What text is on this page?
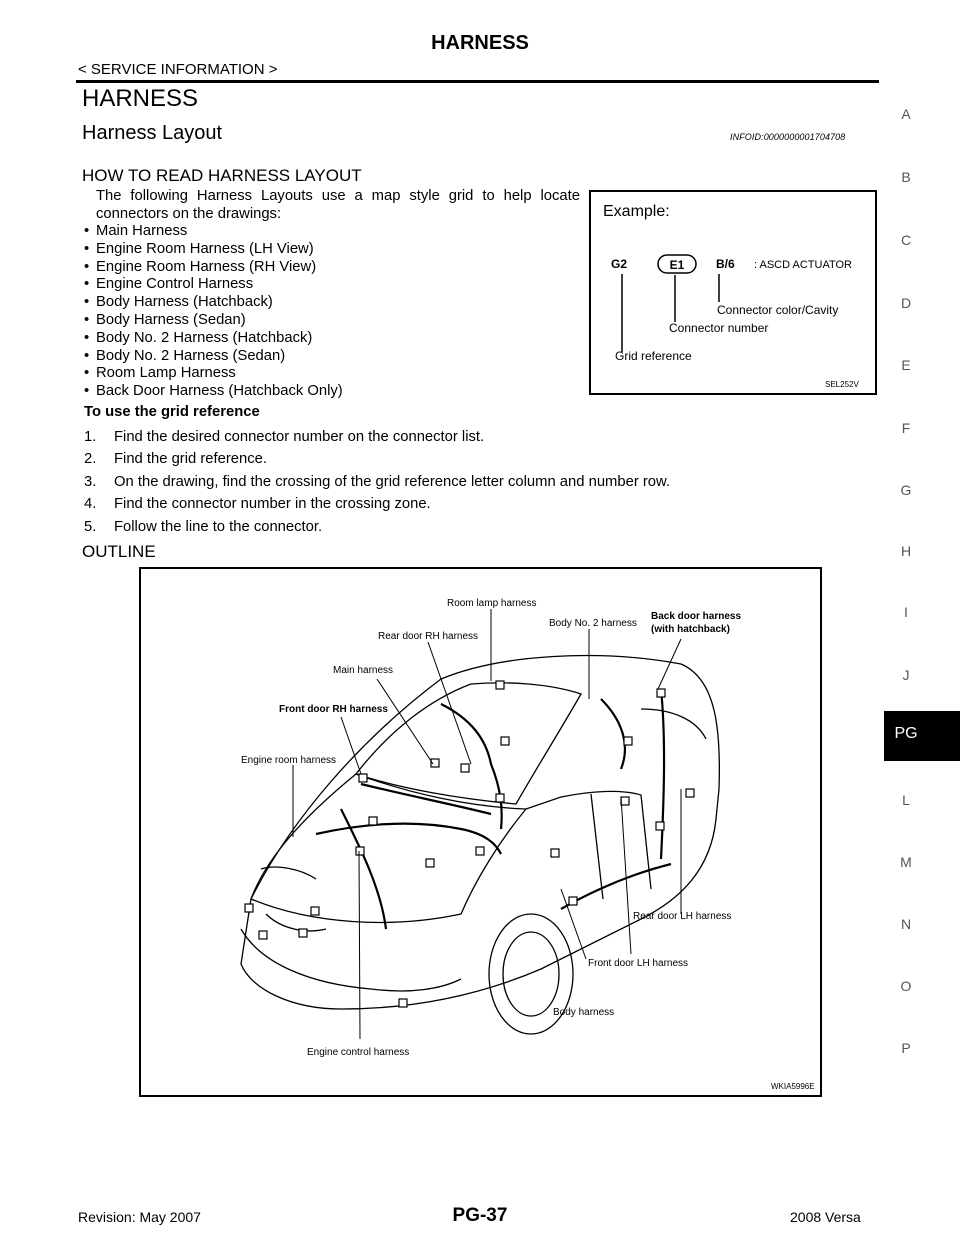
HARNESS
< SERVICE INFORMATION >
HARNESS
Harness Layout	INFOID:0000000001704708
HOW TO READ HARNESS LAYOUT
The following Harness Layouts use a map style grid to help locate connectors on the drawings:
• Main Harness
• Engine Room Harness (LH View)
• Engine Room Harness (RH View)
• Engine Control Harness
• Body Harness (Hatchback)
• Body Harness (Sedan)
• Body No. 2 Harness (Hatchback)
• Body No. 2 Harness (Sedan)
• Room Lamp Harness
• Back Door Harness (Hatchback Only)
To use the grid reference
1. Find the desired connector number on the connector list.
2. Find the grid reference.
3. On the drawing, find the crossing of the grid reference letter column and number row.
4. Find the connector number in the crossing zone.
5. Follow the line to the connector.
OUTLINE
Example:
G2	E1	B/6 : ASCD ACTUATOR
Connector color/Cavity
Connector number
Grid reference
SEL252V
Room lamp harness
Rear door RH harness
Body No. 2 harness
Back door harness
(with hatchback)
Main harness
Front door RH harness
Engine room harness
Rear door LH harness
Front door LH harness
Body harness
Engine control harness
WKIA5996E
A
B
C
D
E
F
G
H
I
J
PG
L
M
N
O
P
Revision: May 2007	PG-37	2008 Versa
